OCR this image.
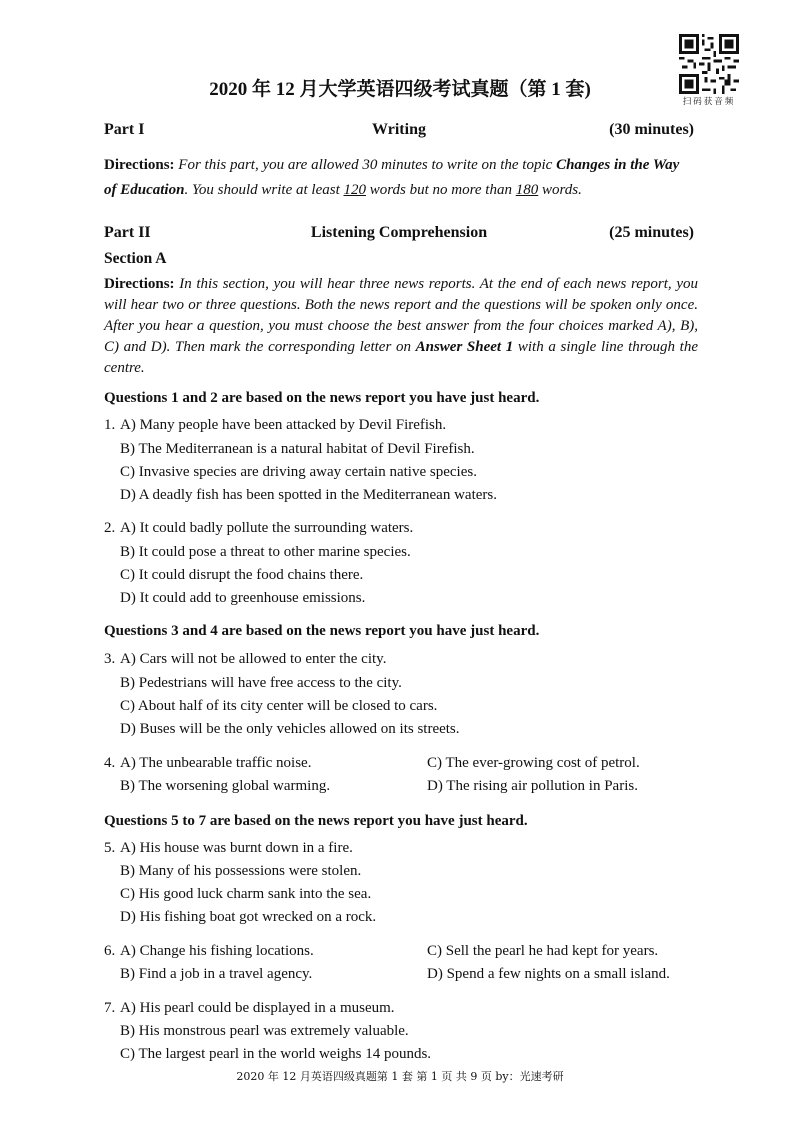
2020 年 12 月大学英语四级考试真题（第 1 套)
扫码获音频
Writing
Part I	(30 minutes)
Directions: For this part, you are allowed 30 minutes to write on the topic Changes in the Way
of Education. You should write at least 120 words but no more than 180 words.
Listening Comprehension
Part II	(25 minutes)
Section A
Directions: In this section, you will hear three news reports. At the end of each news report, you will hear two or three questions. Both the news report and the questions will be spoken only once. After you hear a question, you must choose the best answer from the four choices marked A), B), C) and D). Then mark the corresponding letter on Answer Sheet 1 with a single line through the centre.
Questions 1 and 2 are based on the news report you have just heard.
1. A) Many people have been attacked by Devil Firefish.
B) The Mediterranean is a natural habitat of Devil Firefish.
C) Invasive species are driving away certain native species.
D) A deadly fish has been spotted in the Mediterranean waters.
2. A) It could badly pollute the surrounding waters.
B) It could pose a threat to other marine species.
C) It could disrupt the food chains there.
D) It could add to greenhouse emissions.
Questions 3 and 4 are based on the news report you have just heard.
3. A) Cars will not be allowed to enter the city.
B) Pedestrians will have free access to the city.
C) About half of its city center will be closed to cars.
D) Buses will be the only vehicles allowed on its streets.
4. A) The unbearable traffic noise.	C) The ever-growing cost of petrol.
B) The worsening global warming.	D) The rising air pollution in Paris.
Questions 5 to 7 are based on the news report you have just heard.
5. A) His house was burnt down in a fire.
B) Many of his possessions were stolen.
C) His good luck charm sank into the sea.
D) His fishing boat got wrecked on a rock.
6. A) Change his fishing locations.	C) Sell the pearl he had kept for years.
B) Find a job in a travel agency.	D) Spend a few nights on a small island.
7. A) His pearl could be displayed in a museum.
B) His monstrous pearl was extremely valuable.
C) The largest pearl in the world weighs 14 pounds.
2020 年 12 月英语四级真题第 1 套 第 1 页 共 9 页 by：光速考研
